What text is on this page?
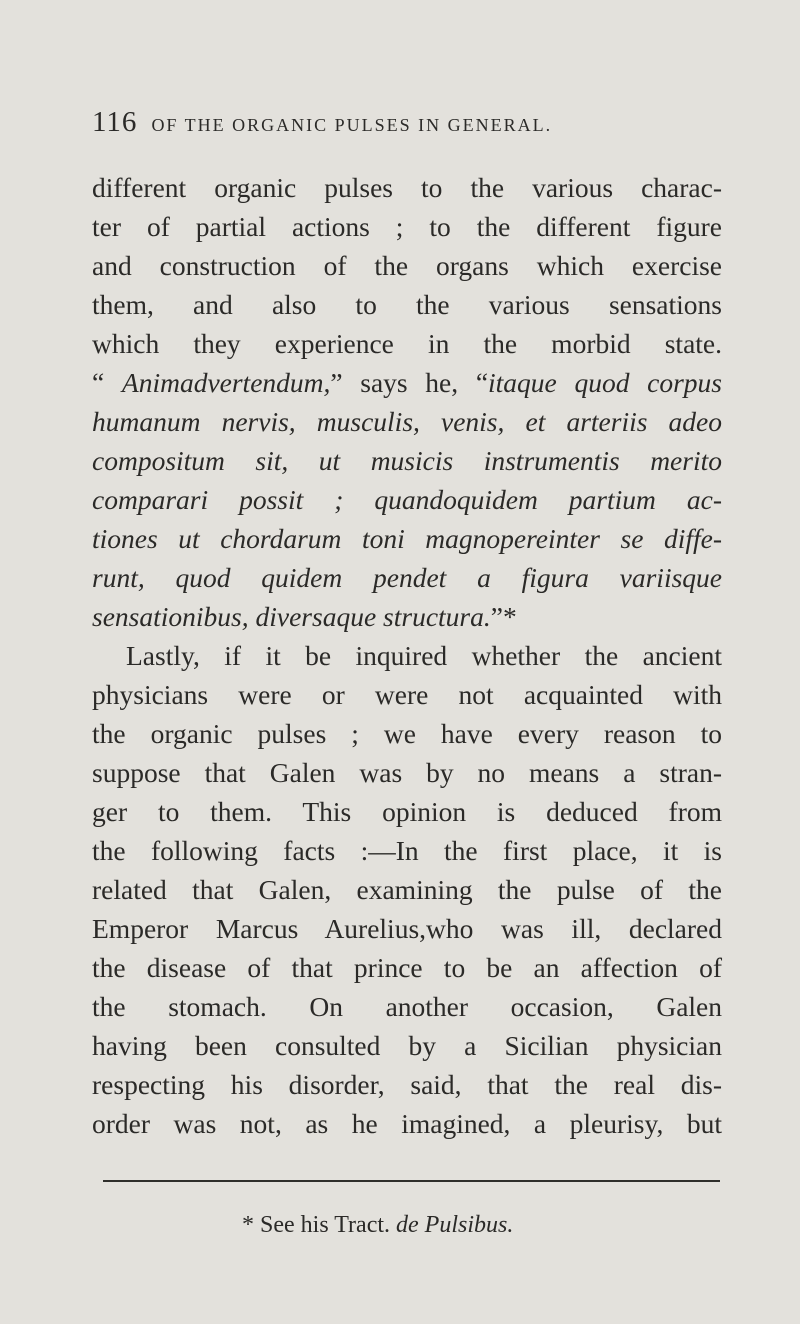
116 OF THE ORGANIC PULSES IN GENERAL.
different organic pulses to the various charac-
ter of partial actions ; to the different figure
and construction of the organs which exercise
them, and also to the various sensations
which they experience in the morbid state.
“ Animadvertendum,” says he, “itaque quod corpus
humanum nervis, musculis, venis, et arteriis adeo
compositum sit, ut musicis instrumentis merito
comparari possit ; quandoquidem partium ac-
tiones ut chordarum toni magnopereinter se diffe-
runt, quod quidem pendet a figura variisque
sensationibus, diversaque structura.”*
Lastly, if it be inquired whether the ancient
physicians were or were not acquainted with
the organic pulses ; we have every reason to
suppose that Galen was by no means a stran-
ger to them. This opinion is deduced from
the following facts :—In the first place, it is
related that Galen, examining the pulse of the
Emperor Marcus Aurelius,who was ill, declared
the disease of that prince to be an affection of
the stomach. On another occasion, Galen
having been consulted by a Sicilian physician
respecting his disorder, said, that the real dis-
order was not, as he imagined, a pleurisy, but
* See his Tract. de Pulsibus.
